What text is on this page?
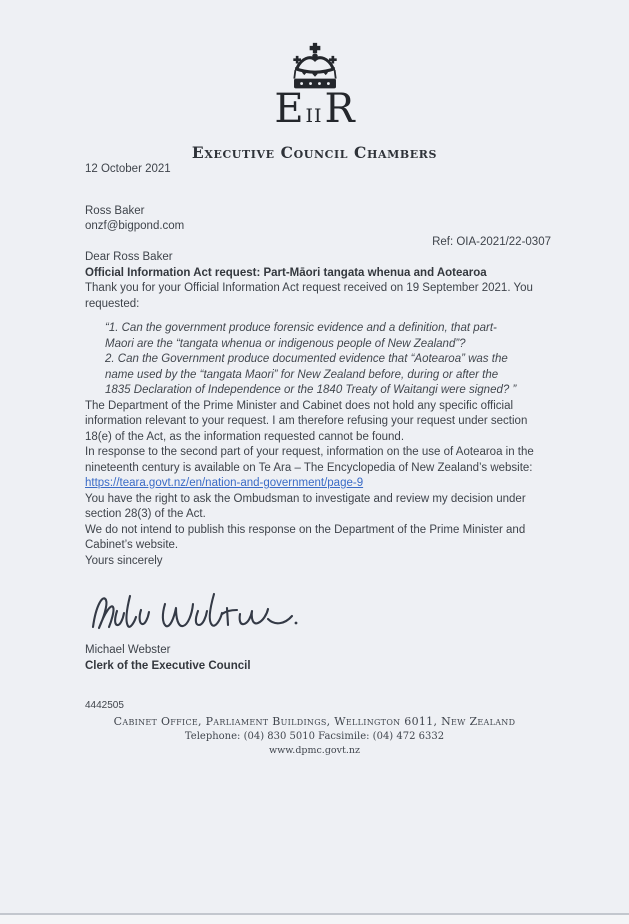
EIIR
Executive Council Chambers

12 October 2021

Ross Baker

onzf@bigpond.com

Ref: OIA-2021/22-0307

Dear Ross Baker

Official Information Act request: Part-Māori tangata whenua and Aotearoa

Thank you for your Official Information Act request received on 19 September 2021. You requested:

“1. Can the government produce forensic evidence and a definition, that part-Maori are the “tangata whenua or indigenous people of New Zealand”?

2. Can the Government produce documented evidence that “Aotearoa” was the name used by the “tangata Maori” for New Zealand before, during or after the 1835 Declaration of Independence or the 1840 Treaty of Waitangi were signed? ”

The Department of the Prime Minister and Cabinet does not hold any specific official information relevant to your request. I am therefore refusing your request under section 18(e) of the Act, as the information requested cannot be found.

In response to the second part of your request, information on the use of Aotearoa in the nineteenth century is available on Te Ara – The Encyclopedia of New Zealand’s website: https://teara.govt.nz/en/nation-and-government/page-9

You have the right to ask the Ombudsman to investigate and review my decision under section 28(3) of the Act.

We do not intend to publish this response on the Department of the Prime Minister and Cabinet’s website.

Yours sincerely

Michael Webster

Clerk of the Executive Council

4442505
Cabinet Office, Parliament Buildings, Wellington 6011, New Zealand
Telephone: (04) 830 5010 Facsimile: (04) 472 6332
www.dpmc.govt.nz
